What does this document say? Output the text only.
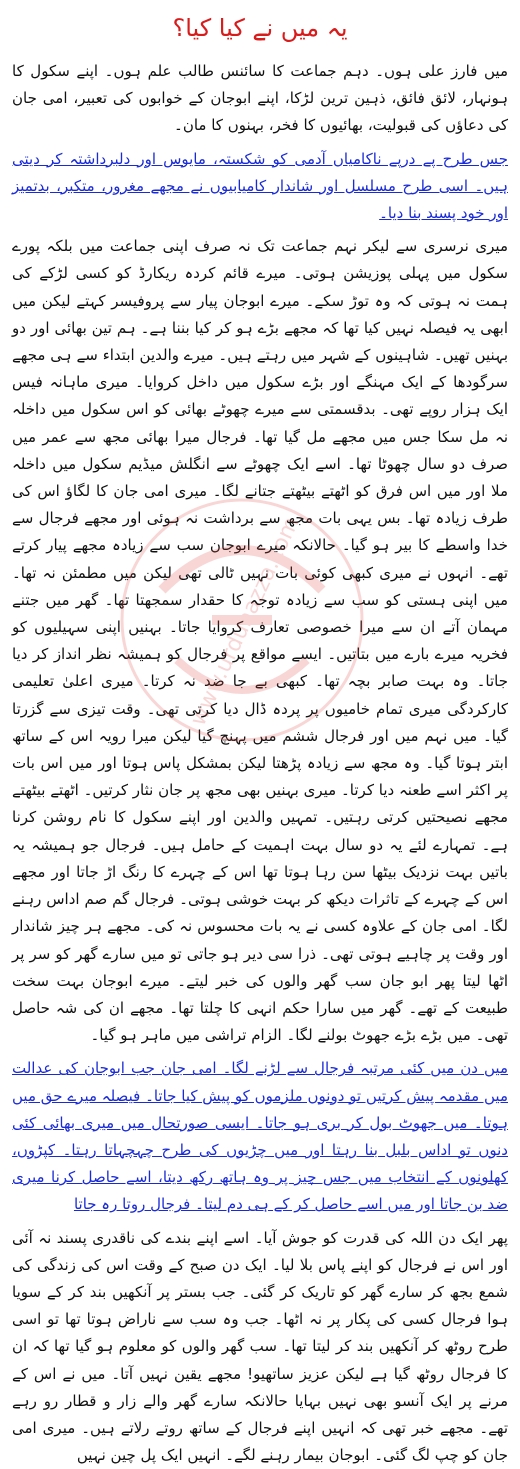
یہ میں نے کیا کیا؟

میں فارز علی ہوں۔ دہم جماعت کا سائنس طالب علم ہوں۔ اپنے سکول کا ہونہار، لائق فائق، ذہین ترین لڑکا، اپنے ابوجان کے خوابوں کی تعبیر، امی جان کی دعاؤں کی قبولیت، بھائیوں کا فخر، بہنوں کا مان۔

جس طرح پے درپے ناکامیاں آدمی کو شکستہ، مایوس اور دلبرداشتہ کر دیتی ہیں۔ اسی طرح مسلسل اور شاندار کامیابیوں نے مجھے مغرور، متکبر، بدتمیز اور خود پسند بنا دیا۔

میری نرسری سے لیکر نہم جماعت تک نہ صرف اپنی جماعت میں بلکہ پورے سکول میں پہلی پوزیشن ہوتی۔ میرے قائم کردہ ریکارڈ کو کسی لڑکے کی ہمت نہ ہوتی کہ وہ توڑ سکے۔ میرے ابوجان پیار سے پروفیسر کہتے لیکن میں ابھی یہ فیصلہ نہیں کیا تھا کہ مجھے بڑے ہو کر کیا بننا ہے۔ ہم تین بھائی اور دو بہنیں تھیں۔ شاہینوں کے شہر میں رہتے ہیں۔ میرے والدین ابتداء سے ہی مجھے سرگودھا کے ایک مہنگے اور بڑے سکول میں داخل کروایا۔ میری ماہانہ فیس ایک ہزار روپے تھی۔ بدقسمتی سے میرے چھوٹے بھائی کو اس سکول میں داخلہ نہ مل سکا جس میں مجھے مل گیا تھا۔ فرجال میرا بھائی مجھ سے عمر میں صرف دو سال چھوٹا تھا۔ اسے ایک چھوٹے سے انگلش میڈیم سکول میں داخلہ ملا اور میں اس فرق کو اٹھتے بیٹھتے جتانے لگا۔ میری امی جان کا لگاؤ اس کی طرف زیادہ تھا۔ بس یہی بات مجھ سے برداشت نہ ہوئی اور مجھے فرجال سے خدا واسطے کا بیر ہو گیا۔ حالانکہ میرے ابوجان سب سے زیادہ مجھے پیار کرتے تھے۔ انہوں نے میری کبھی کوئی بات نہیں ٹالی تھی لیکن میں مطمئن نہ تھا۔ میں اپنی ہستی کو سب سے زیادہ توجہ کا حقدار سمجھتا تھا۔ گھر میں جتنے مہمان آتے ان سے میرا خصوصی تعارف کروایا جاتا۔ بہنیں اپنی سہیلیوں کو فخریہ میرے بارے میں بتاتیں۔ ایسے مواقع پر فرجال کو ہمیشہ نظر انداز کر دیا جاتا۔ وہ بہت صابر بچہ تھا۔ کبھی بے جا ضد نہ کرتا۔ میری اعلیٰ تعلیمی کارکردگی میری تمام خامیوں پر پردہ ڈال دیا کرتی تھی۔ وقت تیزی سے گزرتا گیا۔ میں نہم میں اور فرجال ششم میں پہنچ گیا لیکن میرا رویہ اس کے ساتھ ابتر ہوتا گیا۔ وہ مجھ سے زیادہ پڑھتا لیکن بمشکل پاس ہوتا اور میں اس بات پر اکثر اسے طعنہ دیا کرتا۔ میری بہنیں بھی مجھ پر جان نثار کرتیں۔ اٹھتے بیٹھتے مجھے نصیحتیں کرتی رہتیں۔ تمہیں والدین اور اپنے سکول کا نام روشن کرنا ہے۔ تمہارے لئے یہ دو سال بہت اہمیت کے حامل ہیں۔ فرجال جو ہمیشہ یہ باتیں بہت نزدیک بیٹھا سن رہا ہوتا تھا اس کے چہرے کا رنگ اڑ جاتا اور مجھے اس کے چہرے کے تاثرات دیکھ کر بہت خوشی ہوتی۔ فرجال گم صم اداس رہنے لگا۔ امی جان کے علاوہ کسی نے یہ بات محسوس نہ کی۔ مجھے ہر چیز شاندار اور وقت پر چاہیے ہوتی تھی۔ ذرا سی دیر ہو جاتی تو میں سارے گھر کو سر پر اٹھا لیتا پھر ابو جان سب گھر والوں کی خبر لیتے۔ میرے ابوجان بہت سخت طبیعت کے تھے۔ گھر میں سارا حکم انہی کا چلتا تھا۔ مجھے ان کی شہ حاصل تھی۔ میں بڑے بڑے جھوٹ بولنے لگا۔ الزام تراشی میں ماہر ہو گیا۔

میں دن میں کئی مرتبہ فرجال سے لڑنے لگا۔ امی جان جب ابوجان کی عدالت میں مقدمہ پیش کرتیں تو دونوں ملزموں کو پیش کیا جاتا۔ فیصلہ میرے حق میں ہوتا۔ میں جھوٹ بول کر بری ہو جاتا۔ ایسی صورتحال میں میری بھائی کئی دنوں تو اداس بلبل بنا رہتا اور میں چڑیوں کی طرح چہچہاتا رہتا۔ کپڑوں، کھلونوں کے انتخاب میں جس چیز پر وہ ہاتھ رکھ دیتا، اسے حاصل کرنا میری ضد بن جاتا اور میں اسے حاصل کر کے ہی دم لیتا۔ فرجال روتا رہ جاتا

پھر ایک دن اللہ کی قدرت کو جوش آیا۔ اسے اپنے بندے کی ناقدری پسند نہ آئی اور اس نے فرجال کو اپنے پاس بلا لیا۔ ایک دن صبح کے وقت اس کی زندگی کی شمع بجھ کر سارے گھر کو تاریک کر گئی۔ جب بستر پر آنکھیں بند کر کے سویا ہوا فرجال کسی کی پکار پر نہ اٹھا۔ جب وہ سب سے ناراض ہوتا تھا تو اسی طرح روٹھ کر آنکھیں بند کر لیتا تھا۔ سب گھر والوں کو معلوم ہو گیا تھا کہ ان کا فرجال روٹھ گیا ہے لیکن عزیز ساتھیو! مجھے یقین نہیں آتا۔ میں نے اس کے مرنے پر ایک آنسو بھی نہیں بہایا حالانکہ سارے گھر والے زار و قطار رو رہے تھے۔ مجھے خبر تھی کہ انہیں اپنے فرجال کے ساتھ روتے رلاتے ہیں۔ میری امی جان کو چپ لگ گئی۔ ابوجان بیمار رہنے لگے۔ انہیں ایک پل چین نہیں

www.urdunazza.com
